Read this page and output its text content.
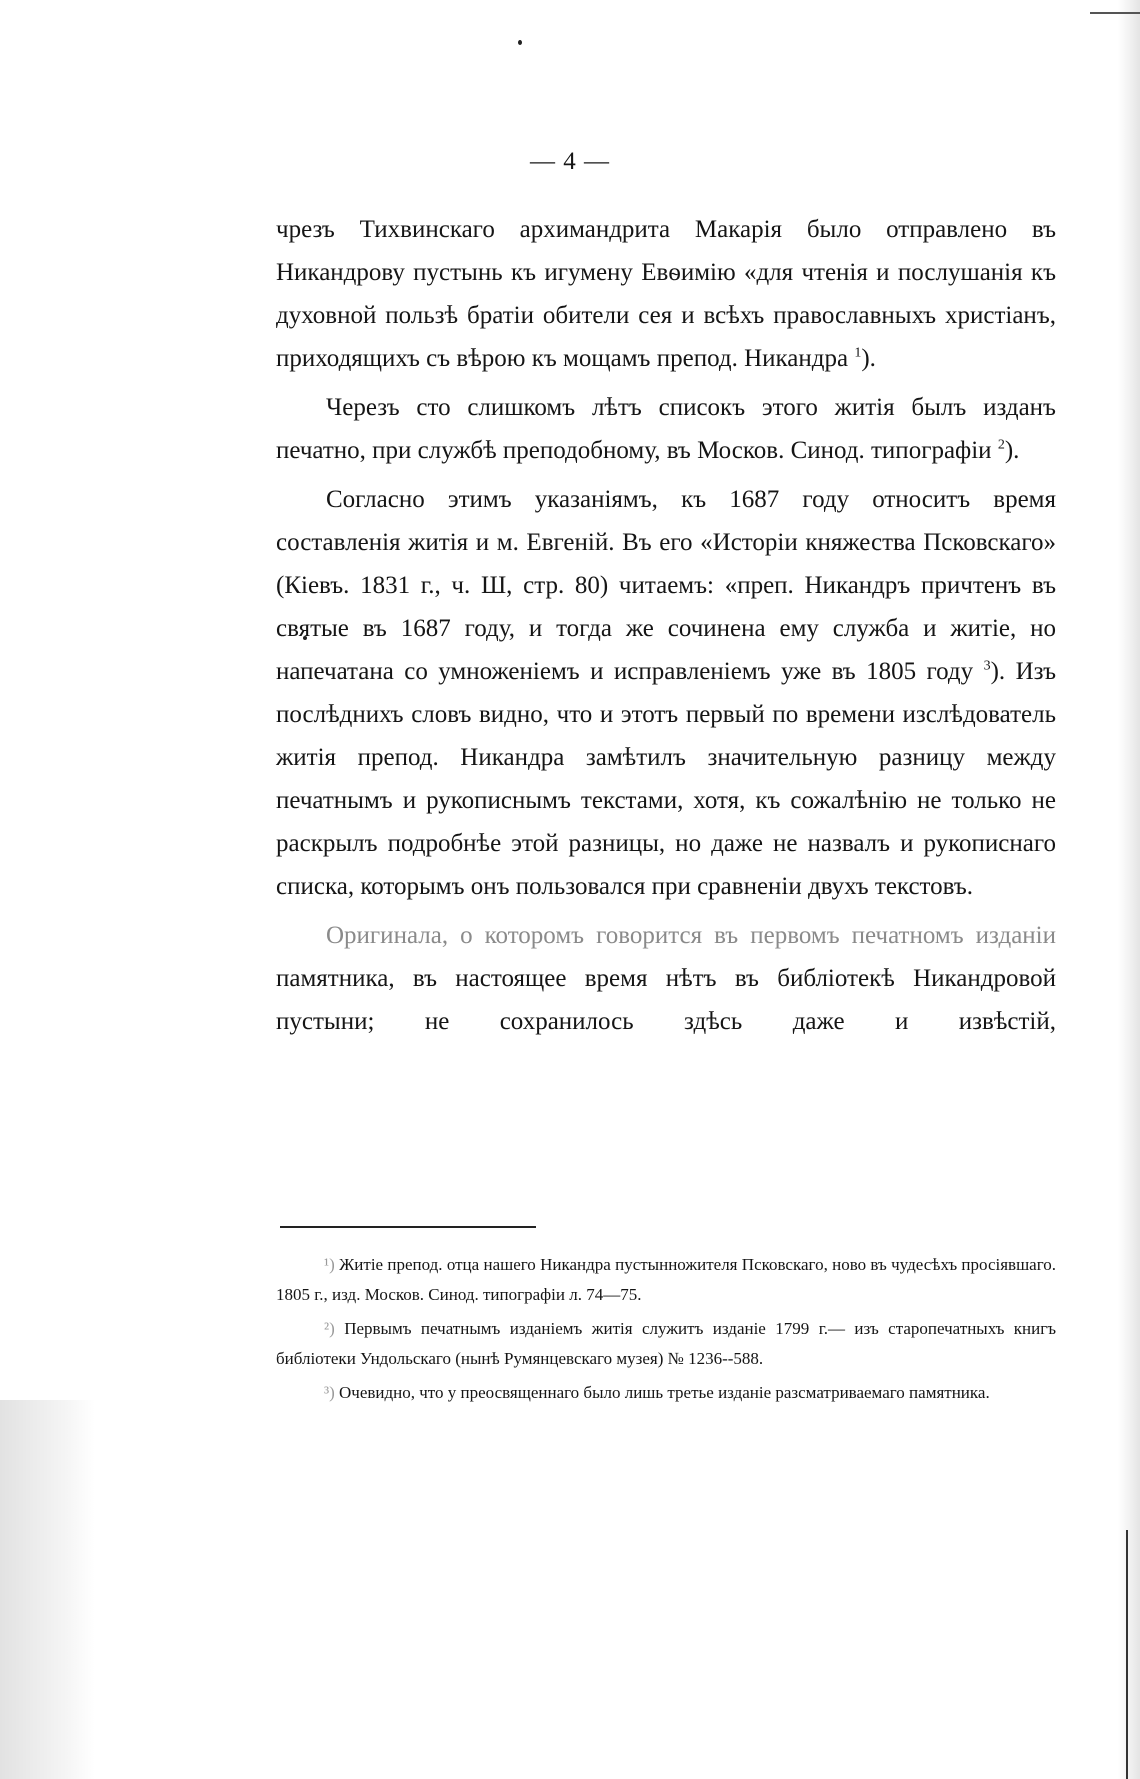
— 4 —

чрезъ Тихвинскаго архимандрита Макарія было отправлено въ Никандрову пустынь къ игумену Евѳимію «для чтенія и послушанія къ духовной пользѣ братіи обители сея и всѣхъ православныхъ христіанъ, приходящихъ съ вѣрою къ мощамъ препод. Никандра $^1$).

Черезъ сто слишкомъ лѣтъ списокъ этого житія былъ изданъ печатно, при службѣ преподобному, въ Москов. Синод. типографіи $^2$).

Согласно этимъ указаніямъ, къ 1687 году относитъ время составленія житія и м. Евгеній. Въ его «Исторіи княжества Псковскаго» (Кіевъ. 1831 г., ч. Ш, стр. 80) читаемъ: «преп. Никандръ причтенъ въ святые въ 1687 году, и тогда же сочинена ему служба и житіе, но напечатана со умноженіемъ и исправленіемъ уже въ 1805 году $^3$). Изъ послѣднихъ словъ видно, что и этотъ первый по времени изслѣдователь житія препод. Никандра замѣтилъ значительную разницу между печатнымъ и рукописнымъ текстами, хотя, къ сожалѣнію не только не раскрылъ подробнѣе этой разницы, но даже не назвалъ и рукописнаго списка, которымъ онъ пользовался при сравненіи двухъ текстовъ.

Оригинала, о которомъ говорится въ первомъ печатномъ изданіи памятника, въ настоящее время нѣтъ въ библіотекѣ Никандровой пустыни; не сохранилось здѣсь даже и извѣстій,

¹) Житіе препод. отца нашего Никандра пустынножителя Псковскаго, ново въ чудесѣхъ просіявшаго. 1805 г., изд. Москов. Синод. типографіи л. 74—75.

²) Первымъ печатнымъ изданіемъ житія служитъ изданіе 1799 г.— изъ старопечатныхъ книгъ библіотеки Ундольскаго (нынѣ Румянцевскаго музея) № 1236--588.

³) Очевидно, что у преосвященнаго было лишь третье изданіе разсматриваемаго памятника.
